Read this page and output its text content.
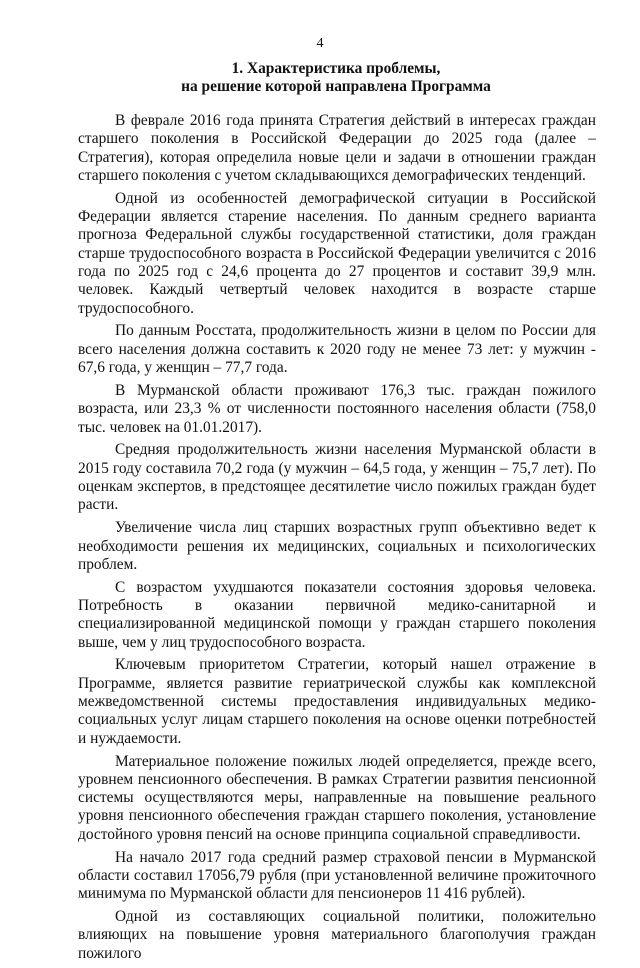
4
1. Характеристика проблемы,
на решение которой направлена Программа

В феврале 2016 года принята Стратегия действий в интересах граждан старшего поколения в Российской Федерации до 2025 года (далее – Стратегия), которая определила новые цели и задачи в отношении граждан старшего поколения с учетом складывающихся демографических тенденций.

Одной из особенностей демографической ситуации в Российской Федерации является старение населения. По данным среднего варианта прогноза Федеральной службы государственной статистики, доля граждан старше трудоспособного возраста в Российской Федерации увеличится с 2016 года по 2025 год с 24,6 процента до 27 процентов и составит 39,9 млн. человек. Каждый четвертый человек находится в возрасте старше трудоспособного.

По данным Росстата, продолжительность жизни в целом по России для всего населения должна составить к 2020 году не менее 73 лет: у мужчин - 67,6 года, у женщин – 77,7 года.

В Мурманской области проживают 176,3 тыс. граждан пожилого возраста, или 23,3 % от численности постоянного населения области (758,0 тыс. человек на 01.01.2017).

Средняя продолжительность жизни населения Мурманской области в 2015 году составила 70,2 года (у мужчин – 64,5 года, у женщин – 75,7 лет). По оценкам экспертов, в предстоящее десятилетие число пожилых граждан будет расти.

Увеличение числа лиц старших возрастных групп объективно ведет к необходимости решения их медицинских, социальных и психологических проблем.

С возрастом ухудшаются показатели состояния здоровья человека. Потребность в оказании первичной медико-санитарной и специализированной медицинской помощи у граждан старшего поколения выше, чем у лиц трудоспособного возраста.

Ключевым приоритетом Стратегии, который нашел отражение в Программе, является развитие гериатрической службы как комплексной межведомственной системы предоставления индивидуальных медико-социальных услуг лицам старшего поколения на основе оценки потребностей и нуждаемости.

Материальное положение пожилых людей определяется, прежде всего, уровнем пенсионного обеспечения. В рамках Стратегии развития пенсионной системы осуществляются меры, направленные на повышение реального уровня пенсионного обеспечения граждан старшего поколения, установление достойного уровня пенсий на основе принципа социальной справедливости.

На начало 2017 года средний размер страховой пенсии в Мурманской области составил 17056,79 рубля (при установленной величине прожиточного минимума по Мурманской области для пенсионеров 11 416 рублей).

Одной из составляющих социальной политики, положительно влияющих на повышение уровня материального благополучия граждан пожилого
